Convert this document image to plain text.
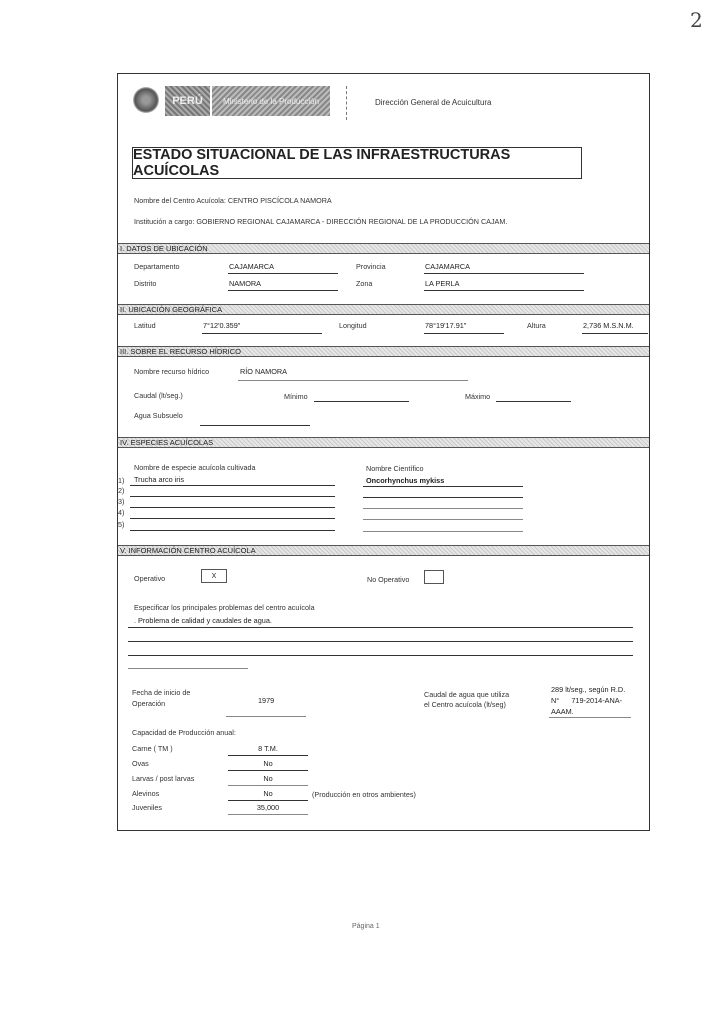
2
PERÚ	Ministerio de la Producción	Dirección General de Acuicultura
ESTADO SITUACIONAL DE LAS INFRAESTRUCTURAS ACUÍCOLAS
Nombre del Centro Acuícola: CENTRO PISCÍCOLA NAMORA
Institución a cargo: GOBIERNO REGIONAL CAJAMARCA - DIRECCIÓN REGIONAL DE LA PRODUCCIÓN CAJAM.
I. DATOS DE UBICACIÓN
Departamento	CAJAMARCA	Provincia	CAJAMARCA
Distrito	NAMORA	Zona	LA PERLA
II. UBICACIÓN GEOGRÁFICA
Latitud	7°12'0.359"	Longitud	78°19'17.91"	Altura	2,736 M.S.N.M.
III. SOBRE EL RECURSO HÍDRICO
Nombre recurso hídrico	RÍO NAMORA
Caudal (lt/seg.)	Mínimo	Máximo
Agua Subsuelo
IV. ESPECIES ACUÍCOLAS
Nombre de especie acuícola cultivada	Nombre Científico
1) Trucha arco iris	Oncorhynchus mykiss
2)
3)
4)
5)
V. INFORMACIÓN CENTRO ACUÍCOLA
Operativo	X	No Operativo
Especificar los principales problemas del centro acuícola
. Problema de calidad y caudales de agua.
Fecha de inicio de
Operación	1979
Caudal de agua que utiliza
el Centro acuícola (lt/seg)
289 lt/seg., según R.D.
N°      719-2014-ANA-
AAAM.
Capacidad de Producción anual:
Carne ( TM )	8 T.M.
Ovas	No
Larvas / post larvas	No
Alevinos	No	(Producción en otros ambientes)
Juveniles	35,000
Página 1
